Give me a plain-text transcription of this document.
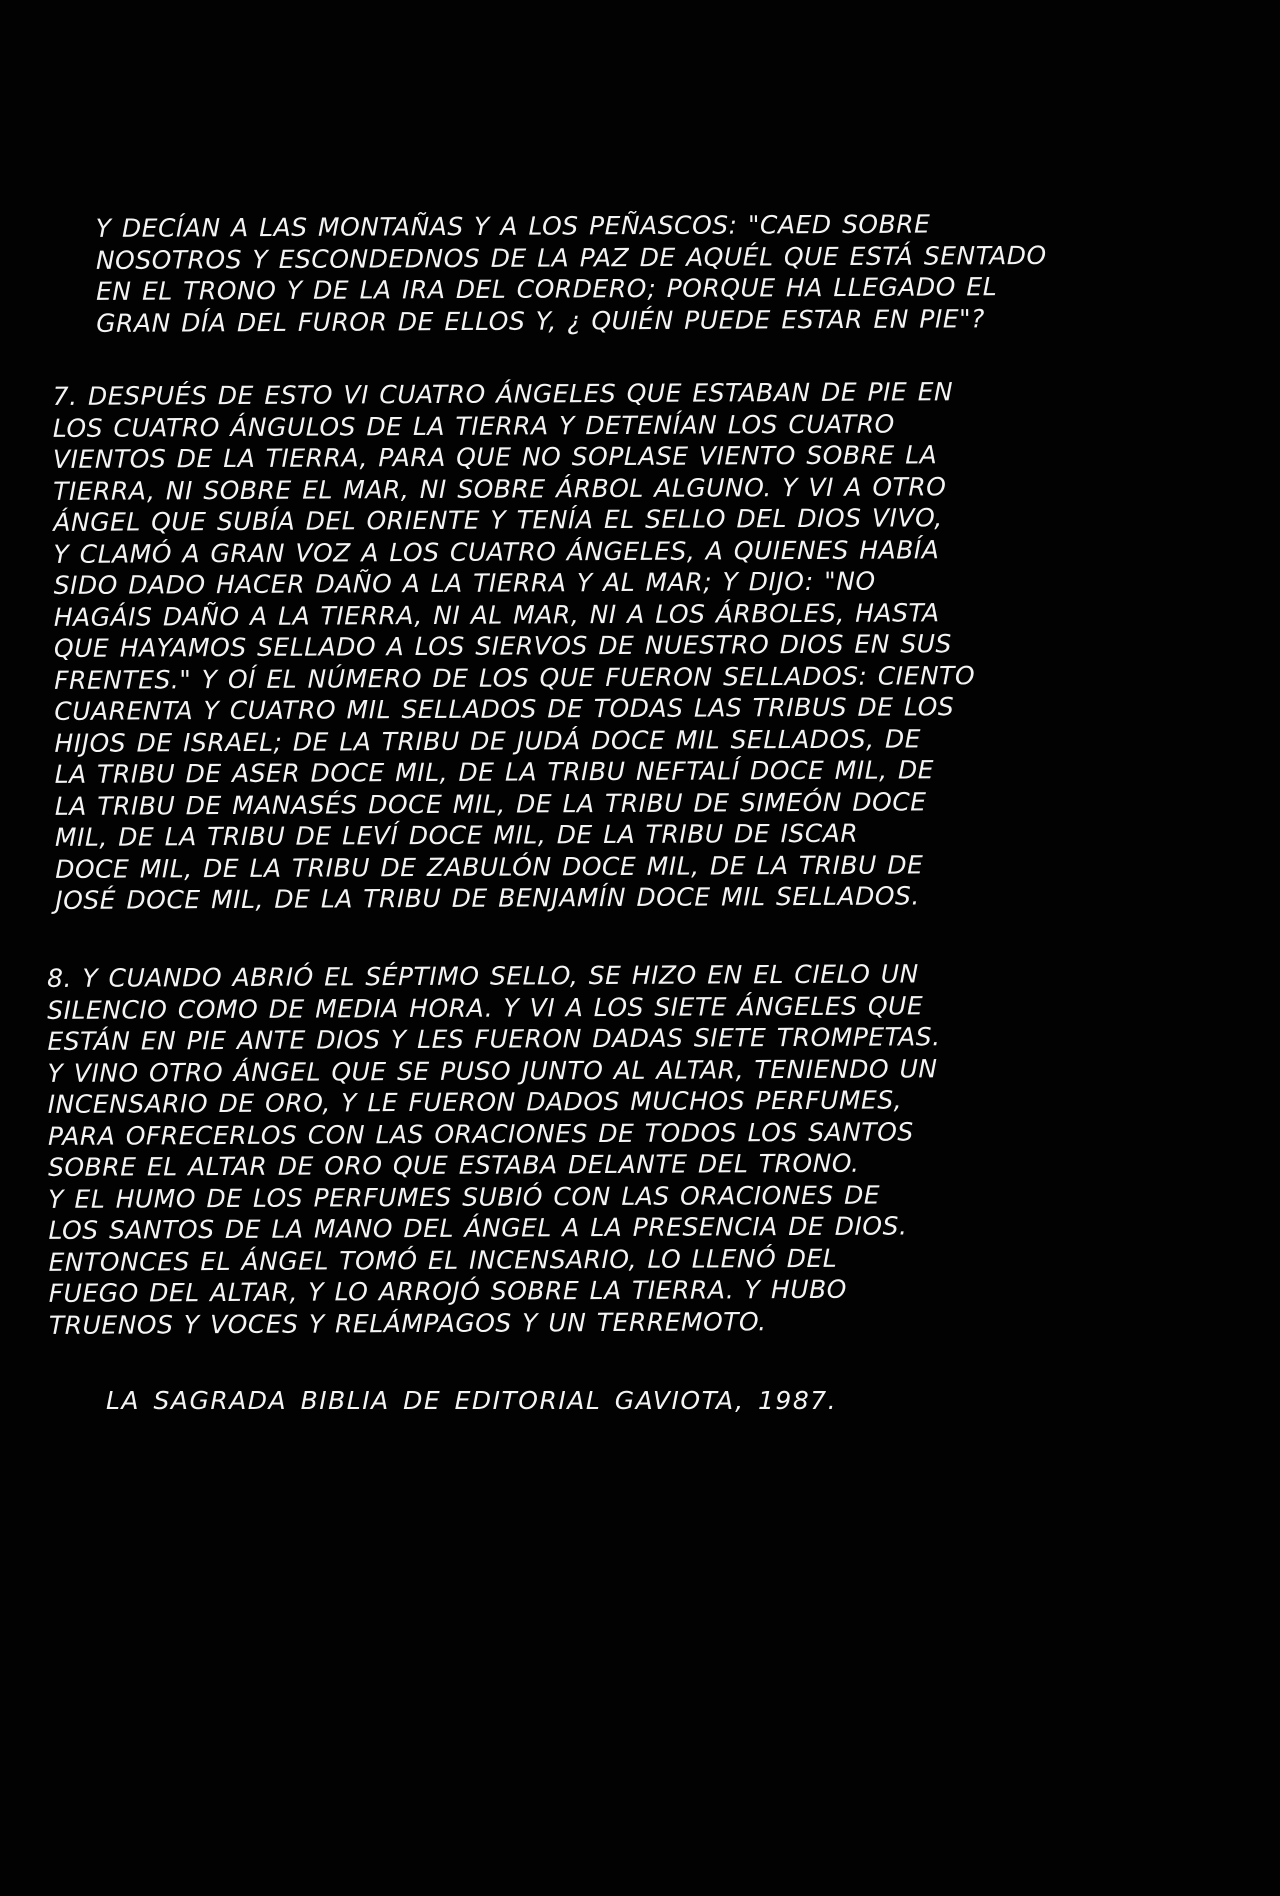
Y DECÍAN A LAS MONTAÑAS Y A LOS PEÑASCOS: "CAED SOBRE
NOSOTROS Y ESCONDEDNOS DE LA PAZ DE AQUÉL QUE ESTÁ SENTADO
EN EL TRONO Y DE LA IRA DEL CORDERO; PORQUE HA LLEGADO EL
GRAN DÍA DEL FUROR DE ELLOS Y, ¿ QUIÉN PUEDE ESTAR EN PIE"?
7. DESPUÉS DE ESTO VI CUATRO ÁNGELES QUE ESTABAN DE PIE EN
LOS CUATRO ÁNGULOS DE LA TIERRA Y DETENÍAN LOS CUATRO
VIENTOS DE LA TIERRA, PARA QUE NO SOPLASE VIENTO SOBRE LA
TIERRA, NI SOBRE EL MAR, NI SOBRE ÁRBOL ALGUNO. Y VI A OTRO
ÁNGEL QUE SUBÍA DEL ORIENTE Y TENÍA EL SELLO DEL DIOS VIVO,
Y CLAMÓ A GRAN VOZ A LOS CUATRO ÁNGELES, A QUIENES HABÍA
SIDO DADO HACER DAÑO A LA TIERRA Y AL MAR; Y DIJO: "NO
HAGÁIS DAÑO A LA TIERRA, NI AL MAR, NI A LOS ÁRBOLES, HASTA
QUE HAYAMOS SELLADO A LOS SIERVOS DE NUESTRO DIOS EN SUS
FRENTES." Y OÍ EL NÚMERO DE LOS QUE FUERON SELLADOS: CIENTO
CUARENTA Y CUATRO MIL SELLADOS DE TODAS LAS TRIBUS DE LOS
HIJOS DE ISRAEL; DE LA TRIBU DE JUDÁ DOCE MIL SELLADOS, DE
LA TRIBU DE ASER DOCE MIL, DE LA TRIBU NEFTALÍ DOCE MIL, DE
LA TRIBU DE MANASÉS DOCE MIL, DE LA TRIBU DE SIMEÓN DOCE
MIL, DE LA TRIBU DE LEVÍ DOCE MIL, DE LA TRIBU DE ISCAR
DOCE MIL, DE LA TRIBU DE ZABULÓN DOCE MIL, DE LA TRIBU DE
JOSÉ DOCE MIL, DE LA TRIBU DE BENJAMÍN DOCE MIL SELLADOS.
8. Y CUANDO ABRIÓ EL SÉPTIMO SELLO, SE HIZO EN EL CIELO UN
SILENCIO COMO DE MEDIA HORA. Y VI A LOS SIETE ÁNGELES QUE
ESTÁN EN PIE ANTE DIOS Y LES FUERON DADAS SIETE TROMPETAS.
Y VINO OTRO ÁNGEL QUE SE PUSO JUNTO AL ALTAR, TENIENDO UN
INCENSARIO DE ORO, Y LE FUERON DADOS MUCHOS PERFUMES,
PARA OFRECERLOS CON LAS ORACIONES DE TODOS LOS SANTOS
SOBRE EL ALTAR DE ORO QUE ESTABA DELANTE DEL TRONO.
Y EL HUMO DE LOS PERFUMES SUBIÓ CON LAS ORACIONES DE
LOS SANTOS DE LA MANO DEL ÁNGEL A LA PRESENCIA DE DIOS.
ENTONCES EL ÁNGEL TOMÓ EL INCENSARIO, LO LLENÓ DEL
FUEGO DEL ALTAR, Y LO ARROJÓ SOBRE LA TIERRA. Y HUBO
TRUENOS Y VOCES Y RELÁMPAGOS Y UN TERREMOTO.
LA SAGRADA BIBLIA DE EDITORIAL GAVIOTA, 1987.
